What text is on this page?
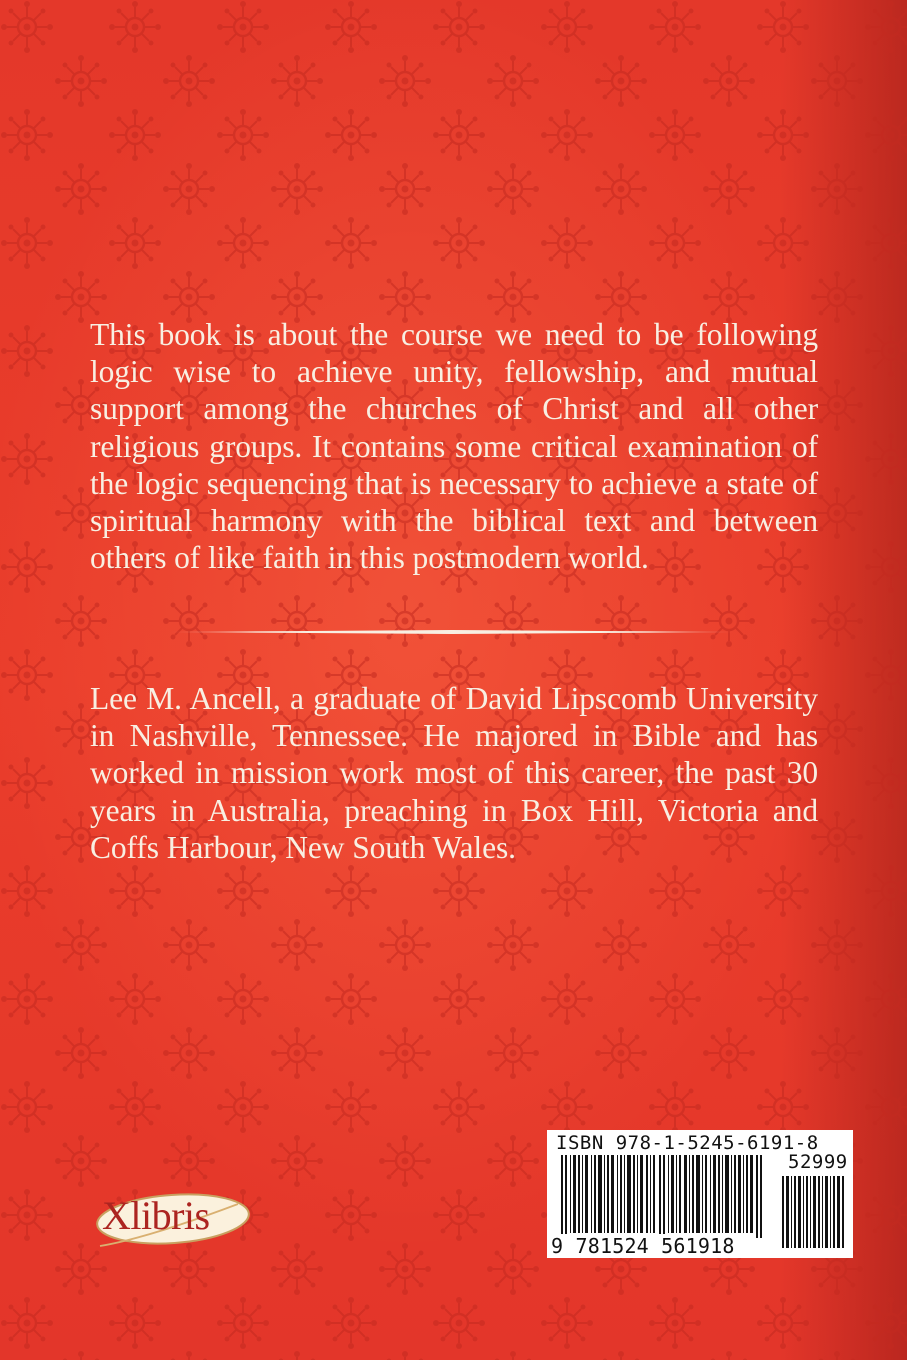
This book is about the course we need to be following logic wise to achieve unity, fellowship, and mutual support among the churches of Christ and all other religious groups. It contains some critical examination of the logic sequencing that is necessary to achieve a state of spiritual harmony with the biblical text and between others of like faith in this postmodern world.

Lee M. Ancell, a graduate of David Lipscomb University in Nashville, Tennessee. He majored in Bible and has worked in mission work most of this career, the past 30 years in Australia, preaching in Box Hill, Victoria and Coffs Harbour, New South Wales.

Xlibris
ISBN 978-1-5245-6191-8
52999
9 781524 561918
